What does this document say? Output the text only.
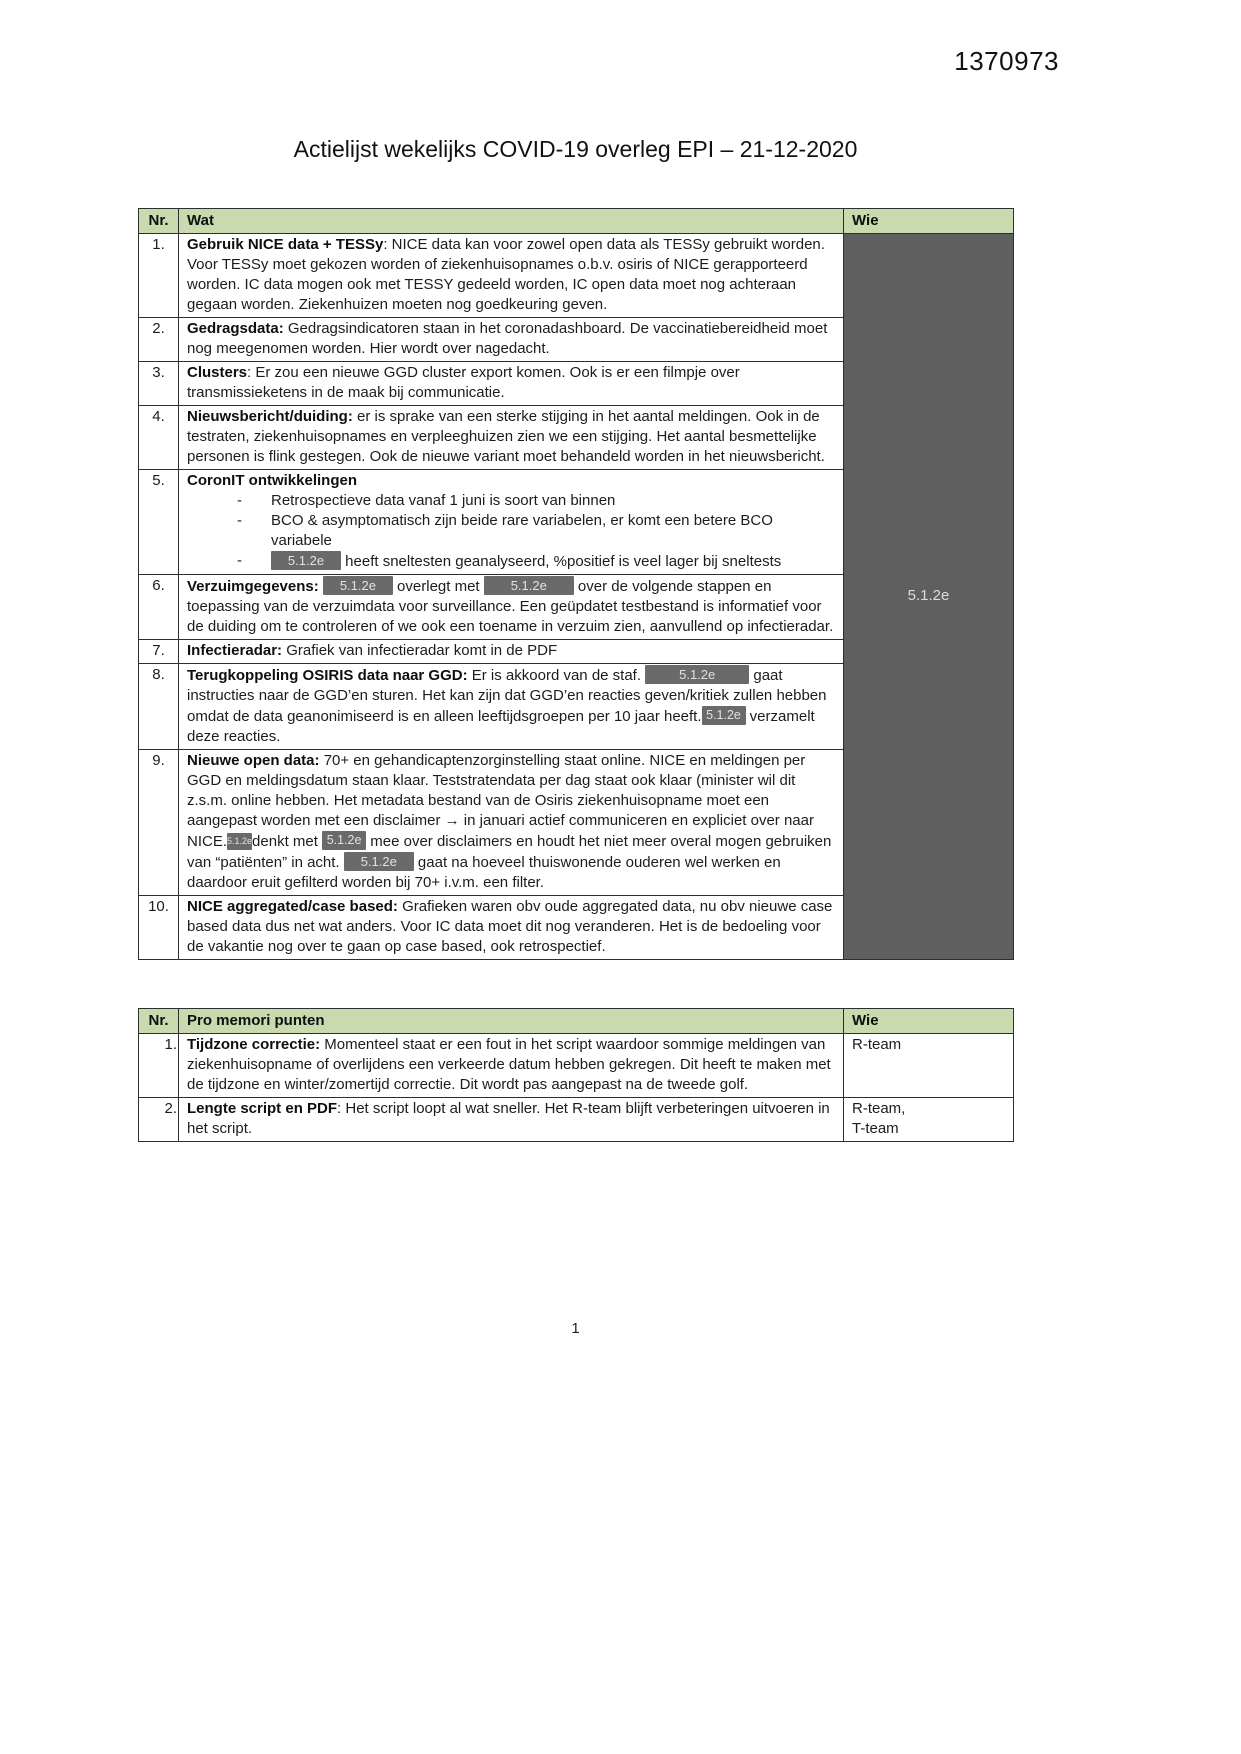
1370973
Actielijst wekelijks COVID-19 overleg EPI – 21-12-2020
Nr.	Wat	Wie
1.	Gebruik NICE data + TESSy: NICE data kan voor zowel open data als TESSy gebruikt worden. Voor TESSy moet gekozen worden of ziekenhuisopnames o.b.v. osiris of NICE gerapporteerd worden. IC data mogen ook met TESSY gedeeld worden, IC open data moet nog achteraan gegaan worden. Ziekenhuizen moeten nog goedkeuring geven.	5.1.2e
2.	Gedragsdata: Gedragsindicatoren staan in het coronadashboard. De vaccinatiebereidheid moet nog meegenomen worden. Hier wordt over nagedacht.	

3.	Clusters: Er zou een nieuwe GGD cluster export komen. Ook is er een filmpje over transmissieketens in de maak bij communicatie.	

4.	Nieuwsbericht/duiding: er is sprake van een sterke stijging in het aantal meldingen. Ook in de testraten, ziekenhuisopnames en verpleeghuizen zien we een stijging. Het aantal besmettelijke personen is flink gestegen. Ook de nieuwe variant moet behandeld worden in het nieuwsbericht.	

5.	CoronIT ontwikkelingen
-	Retrospectieve data vanaf 1 juni is soort van binnen
-	BCO & asymptomatisch zijn beide rare variabelen, er komt een betere BCO variabele
-	5.1.2e heeft sneltesten geanalyseerd, %positief is veel lager bij sneltests

6.	Verzuimgegevens: 5.1.2e overlegt met 5.1.2e over de volgende stappen en toepassing van de verzuimdata voor surveillance. Een geüpdatet testbestand is informatief voor de duiding om te controleren of we ook een toename in verzuim zien, aanvullend op infectieradar.	

7.	Infectieradar: Grafiek van infectieradar komt in de PDF	

8.	Terugkoppeling OSIRIS data naar GGD: Er is akkoord van de staf. 5.1.2e gaat instructies naar de GGD’en sturen. Het kan zijn dat GGD’en reacties geven/kritiek zullen hebben omdat de data geanonimiseerd is en alleen leeftijdsgroepen per 10 jaar heeft. 5.1.2e verzamelt deze reacties.	

9.	Nieuwe open data: 70+ en gehandicaptenzorginstelling staat online. NICE en meldingen per GGD en meldingsdatum staan klaar. Teststratendata per dag staat ook klaar (minister wil dit z.s.m. online hebben. Het metadata bestand van de Osiris ziekenhuisopname moet een aangepast worden met een disclaimer → in januari actief communiceren en expliciet over naar NICE.5.1.2edenkt met 5.1.2e mee over disclaimers en houdt het niet meer overal mogen gebruiken van “patiënten” in acht. 5.1.2e gaat na hoeveel thuiswonende ouderen wel werken en daardoor eruit gefilterd worden bij 70+ i.v.m. een filter.	

10.	NICE aggregated/case based: Grafieken waren obv oude aggregated data, nu obv nieuwe case based data dus net wat anders. Voor IC data moet dit nog veranderen. Het is de bedoeling voor de vakantie nog over te gaan op case based, ook retrospectief.	
Nr.	Pro memori punten	Wie
1.	Tijdzone correctie: Momenteel staat er een fout in het script waardoor sommige meldingen van ziekenhuisopname of overlijdens een verkeerde datum hebben gekregen. Dit heeft te maken met de tijdzone en winter/zomertijd correctie. Dit wordt pas aangepast na de tweede golf.	R-team

2.	Lengte script en PDF: Het script loopt al wat sneller. Het R-team blijft verbeteringen uitvoeren in het script.	R-team,
T-team
1
